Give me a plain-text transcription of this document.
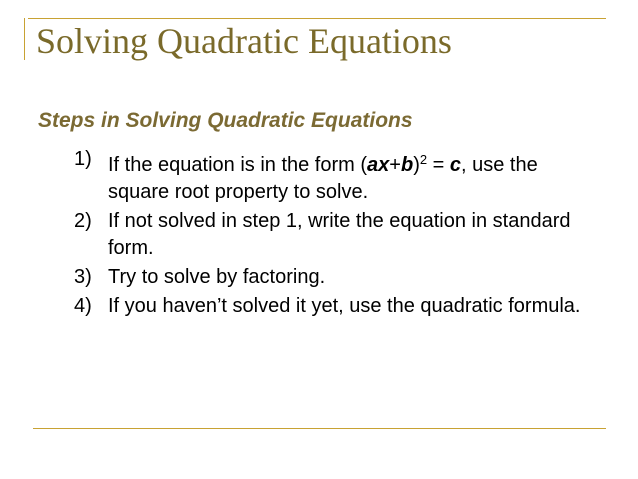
Solving Quadratic Equations
Steps in Solving Quadratic Equations
1) If the equation is in the form $(ax+b)^2 = c$, use the square root property to solve.
2) If not solved in step 1, write the equation in standard form.
3) Try to solve by factoring.
4) If you haven’t solved it yet, use the quadratic formula.
